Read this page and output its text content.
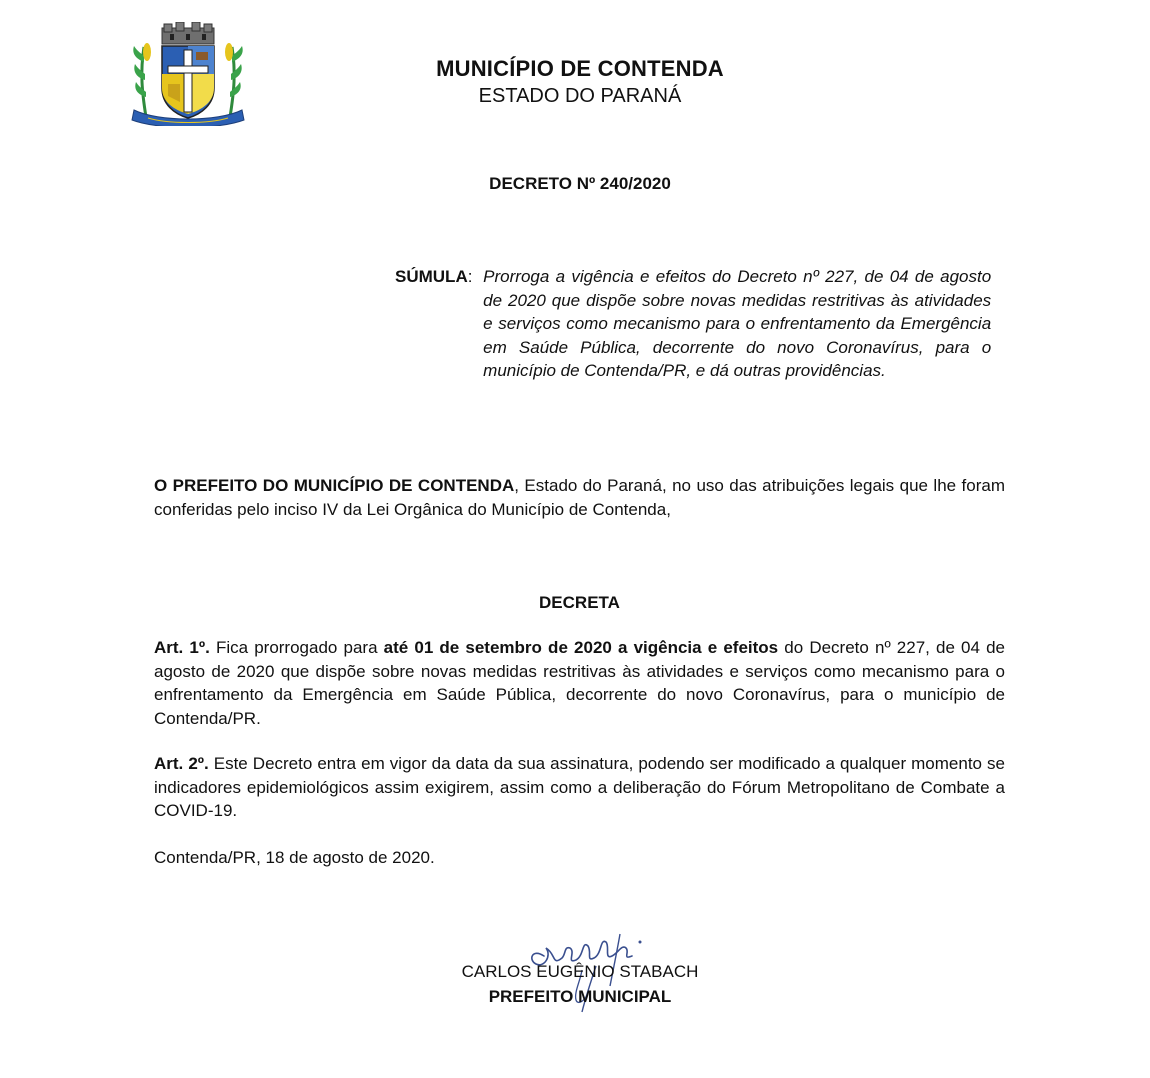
MUNICÍPIO DE CONTENDA
ESTADO DO PARANÁ
DECRETO Nº 240/2020
SÚMULA: Prorroga a vigência e efeitos do Decreto nº 227, de 04 de agosto de 2020 que dispõe sobre novas medidas restritivas às atividades e serviços como mecanismo para o enfrentamento da Emergência em Saúde Pública, decorrente do novo Coronavírus, para o município de Contenda/PR, e dá outras providências.
O PREFEITO DO MUNICÍPIO DE CONTENDA, Estado do Paraná, no uso das atribuições legais que lhe foram conferidas pelo inciso IV da Lei Orgânica do Município de Contenda,
DECRETA
Art. 1º. Fica prorrogado para até 01 de setembro de 2020 a vigência e efeitos do Decreto nº 227, de 04 de agosto de 2020 que dispõe sobre novas medidas restritivas às atividades e serviços como mecanismo para o enfrentamento da Emergência em Saúde Pública, decorrente do novo Coronavírus, para o município de Contenda/PR.
Art. 2º. Este Decreto entra em vigor da data da sua assinatura, podendo ser modificado a qualquer momento se indicadores epidemiológicos assim exigirem, assim como a deliberação do Fórum Metropolitano de Combate a COVID-19.
Contenda/PR, 18 de agosto de 2020.
CARLOS EUGÊNIO STABACH
PREFEITO MUNICIPAL
